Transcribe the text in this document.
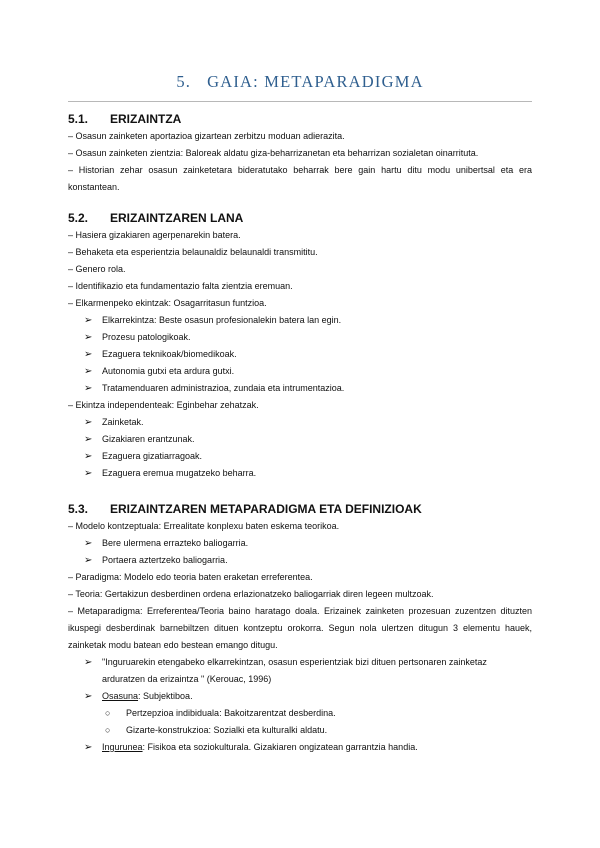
5. GAIA: METAPARADIGMA

5.1. ERIZAINTZA

– Osasun zainketen aportazioa gizartean zerbitzu moduan adierazita.

– Osasun zainketen zientzia: Baloreak aldatu giza-beharrizanetan eta beharrizan sozialetan oinarrituta.

– Historian zehar osasun zainketetara bideratutako beharrak bere gain hartu ditu modu unibertsal eta era konstantean.

5.2. ERIZAINTZAREN LANA

– Hasiera gizakiaren agerpenarekin batera.

– Behaketa eta esperientzia belaunaldiz belaunaldi transmititu.

– Genero rola.

– Identifikazio eta fundamentazio falta zientzia eremuan.

– Elkarmenpeko ekintzak: Osagarritasun funtzioa.

➢ Elkarrekintza: Beste osasun profesionalekin batera lan egin.

➢ Prozesu patologikoak.

➢ Ezaguera teknikoak/biomedikoak.

➢ Autonomia gutxi eta ardura gutxi.

➢ Tratamenduaren administrazioa, zundaia eta intrumentazioa.

– Ekintza independenteak: Eginbehar zehatzak.

➢ Zainketak.

➢ Gizakiaren erantzunak.

➢ Ezaguera gizatiarragoak.

➢ Ezaguera eremua mugatzeko beharra.

5.3. ERIZAINTZAREN METAPARADIGMA ETA DEFINIZIOAK

– Modelo kontzeptuala: Errealitate konplexu baten eskema teorikoa.

➢ Bere ulermena errazteko baliogarria.

➢ Portaera aztertzeko baliogarria.

– Paradigma: Modelo edo teoria baten eraketan erreferentea.

– Teoria: Gertakizun desberdinen ordena erlazionatzeko baliogarriak diren legeen multzoak.

– Metaparadigma: Erreferentea/Teoria baino haratago doala. Erizainek zainketen prozesuan zuzentzen dituzten ikuspegi desberdinak barnebiltzen dituen kontzeptu orokorra. Segun nola ulertzen ditugun 3 elementu hauek, zainketak modu batean edo bestean emango ditugu.

➢ "Inguruarekin etengabeko elkarrekintzan, osasun esperientziak bizi dituen pertsonaren zainketaz arduratzen da erizaintza " (Kerouac, 1996)

➢ Osasuna: Subjektiboa.

○ Pertzepzioa indibiduala: Bakoitzarentzat desberdina.

○ Gizarte-konstrukzioa: Sozialki eta kulturalki aldatu.

➢ Ingurunea: Fisikoa eta soziokulturala. Gizakiaren ongizatean garrantzia handia.
